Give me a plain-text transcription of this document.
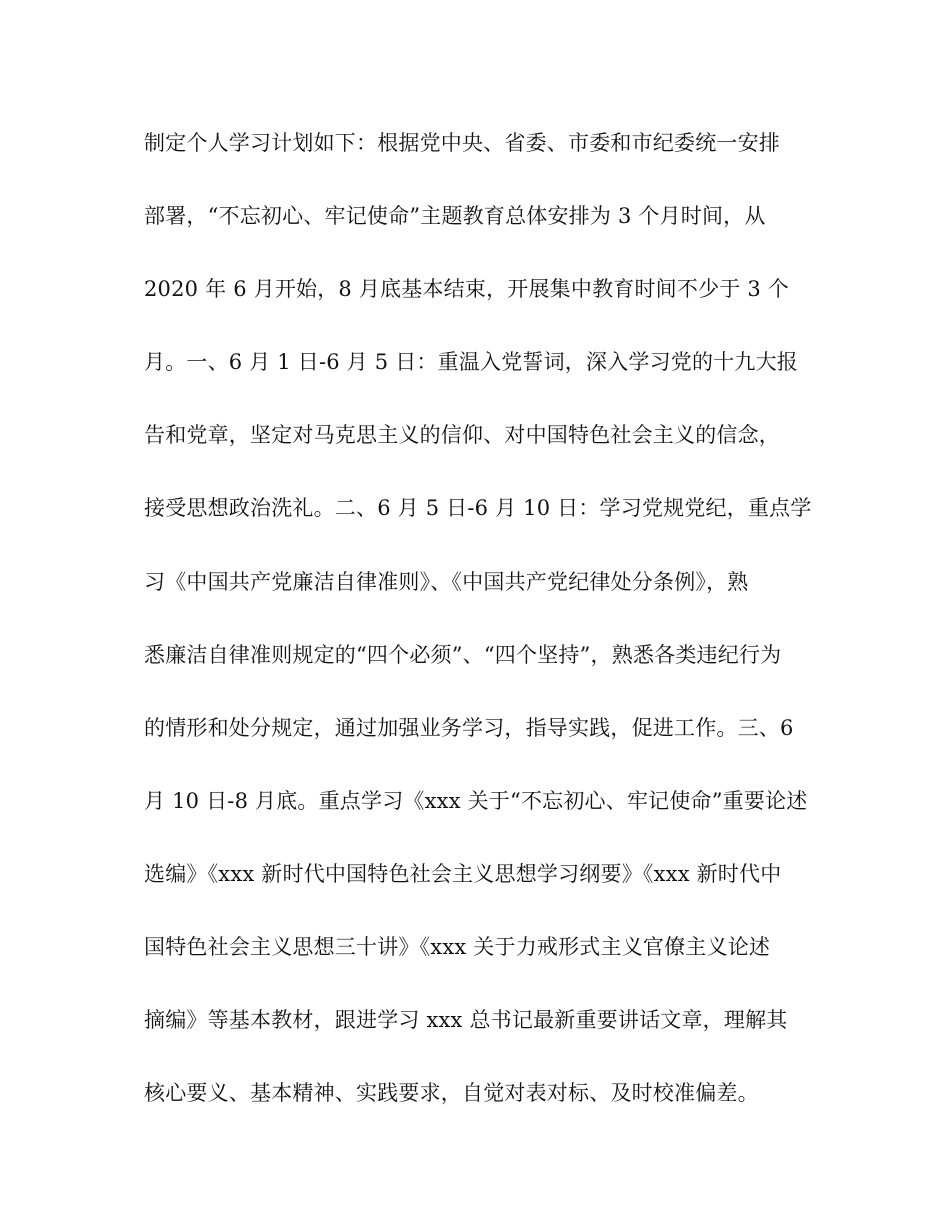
制定个人学习计划如下：根据党中央、省委、市委和市纪委统一安排
部署，“不忘初心、牢记使命”主题教育总体安排为 3 个月时间，从
2020 年 6 月开始，8 月底基本结束，开展集中教育时间不少于 3 个
月。一、6 月 1 日-6 月 5 日：重温入党誓词，深入学习党的十九大报
告和党章，坚定对马克思主义的信仰、对中国特色社会主义的信念，
接受思想政治洗礼。二、6 月 5 日-6 月 10 日：学习党规党纪，重点学
习《中国共产党廉洁自律准则》、《中国共产党纪律处分条例》，熟
悉廉洁自律准则规定的“四个必须”、“四个坚持”，熟悉各类违纪行为
的情形和处分规定，通过加强业务学习，指导实践，促进工作。三、6
月 10 日-8 月底。重点学习《xxx 关于“不忘初心、牢记使命”重要论述
选编》《xxx 新时代中国特色社会主义思想学习纲要》《xxx 新时代中
国特色社会主义思想三十讲》《xxx 关于力戒形式主义官僚主义论述
摘编》等基本教材，跟进学习 xxx 总书记最新重要讲话文章，理解其
核心要义、基本精神、实践要求，自觉对表对标、及时校准偏差。
